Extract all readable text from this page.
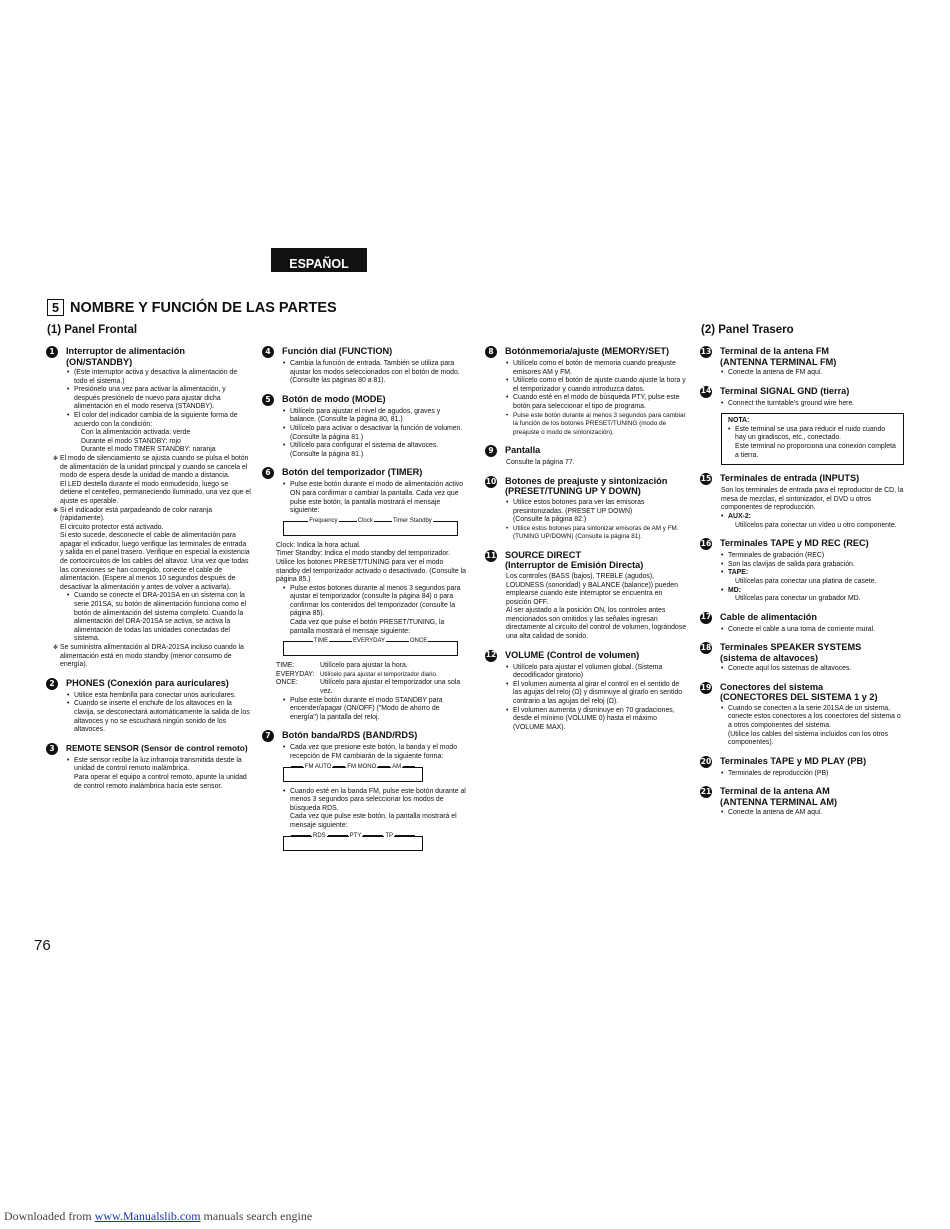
ESPAÑOL
5 NOMBRE Y FUNCIÓN DE LAS PARTES
(1) Panel Frontal	(2) Panel Trasero
1	Interruptor de alimentación
(ON/STANDBY)
• (Este interruptor activa y desactiva la alimentación de todo el sistema.)
• Presiónelo una vez para activar la alimentación, y después presiónelo de nuevo para ajustar dicha alimentación en el modo reserva (STANDBY).
• El color del indicador cambia de la siguiente forma de acuerdo con la condición:
Con la alimentación activada: verde
Durante el modo STANDBY: rojo
Durante el modo TIMER STANDBY: naranja
✻ El modo de silenciamiento se ajusta cuando se pulsa el botón de alimentación de la unidad principal y cuando se cancela el modo de espera desde la unidad de mando a distancia.
El LED destella durante el modo enmudecido, luego se detiene el centelleo, permaneciendo iluminado, una vez que el ajuste es operable.
✻ Si el indicador está parpadeando de color naranja (rápidamente).
El circuito protector está activado.
Si esto sucede, desconecte el cable de alimentación para apagar el indicador, luego verifique las terminales de entrada y salida en el panel trasero. Verifique en especial la existencia de cortocircuitos de los cables del altavoz. Una vez que todas las conexiones se han corregido, conecte el cable de alimentación. (Espere al menos 10 segundos después de desactivar la alimentación y antes de volver a activarla).
• Cuando se conecte el DRA-201SA en un sistema con la serie 201SA, su botón de alimentación funciona como el botón de alimentación del sistema completo. Cuando la alimentación del DRA-201SA se activa, se activa la alimentación de todas las unidades conectadas del sistema.
✻ Se suministra alimentación al DRA-201SA incluso cuando la alimentación está en modo standby (menor consumo de energía).
2	PHONES (Conexión para auriculares)
• Utilice esta hembrilla para conectar unos auriculares.
• Cuando se inserte el enchufe de los altavoces en la clavija, se desconectará automáticamente la salida de los altavoces y no se escuchará ningún sonido de los altavoces.
3	REMOTE SENSOR (Sensor de control remoto)
• Este sensor recibe la luz infrarroja transmitida desde la unidad de control remoto inalámbrica.
Para operar el equipo a control remoto, apunte la unidad de control remoto inalámbrica hacia este sensor.
4	Función dial (FUNCTION)
• Cambia la función de entrada. También se utiliza para ajustar los modos seleccionados con el botón de modo. (Consulte las páginas 80 a 81).
5	Botón de modo (MODE)
• Utilícelo para ajustar el nivel de agudos, graves y balance. (Consulte la página 80, 81.)
• Utilícelo para activar o desactivar la función de volumen. (Consulte la página 81.)
• Utilícelo para configurar el sistema de altavoces. (Consulte la página 81.)
6	Botón del temporizador (TIMER)
• Pulse este botón durante el modo de alimentación activo ON para confirmar o cambiar la pantalla. Cada vez que pulse este botón, la pantalla mostrará el mensaje siguiente:
Frequency	Clock	Timer Standby
Clock: Indica la hora actual.
Timer Standby: Indica el modo standby del temporizador.
Utilice los botones PRESET/TUNING para ver el modo standby del temporizador activado o desactivado. (Consulte la página 85.)
• Pulse estos botones durante al menos 3 segundos para ajustar el temporizador (consulte la página 84) o para confirmar los contenidos del temporizador (consulte la página 85).
Cada vez que pulse el botón PRESET/TUNING, la pantalla mostrará el mensaje siguiente:
TIME	EVERYDAY	ONCE
TIME:	Utilícelo para ajustar la hora.
EVERYDAY: Utilícelo para ajustar el temporizador diario.
ONCE:	Utilícelo para ajustar el temporizador una sola vez.
• Pulse este botón durante el modo STANDBY para encender/apagar (ON/OFF) ("Modo de ahorro de energía") la pantalla del reloj.
7	Botón banda/RDS (BAND/RDS)
• Cada vez que presione este botón, la banda y el modo recepción de FM cambiarán de la siguiente forma:
FM AUTO	FM MONO	AM
• Cuando esté en la banda FM, pulse este botón durante al menos 3 segundos para seleccionar los modos de búsqueda RDS.
Cada vez que pulse este botón, la pantalla mostrará el mensaje siguiente:
RDS	PTY	TP
8	Botónmemoria/ajuste (MEMORY/SET)
• Utilícelo como el botón de memoria cuando preajuste emisores AM y FM.
• Utilícelo como el botón de ajuste cuando ajuste la hora y el temporizador y cuando introduzca datos.
• Cuando esté en el modo de búsqueda PTY, pulse este botón para seleccionar el tipo de programa.
• Pulse este botón durante al menos 3 segundos para cambiar la función de los botones PRESET/TUNING (modo de preajuste o modo de sintonización).
9	Pantalla
Consulte la página 77.
10 Botones de preajuste y sintonización
(PRESET/TUNING UP Y DOWN)
• Utilice estos botones para ver las emisoras presintonizadas. (PRESET UP DOWN)
(Consulte la página 82.)
• Utilice estos botones para sintonizar emisoras de AM y FM.
(TUNING UP/DOWN) (Consulte la página 81).
11 SOURCE DIRECT
(Interruptor de Emisión Directa)
Los controles (BASS (bajos), TREBLE (agudos), LOUDNESS (sonoridad) y BALANCE (balance)) pueden emplearse cuando este interruptor se encuentra en posición OFF.
Al ser ajustado a la posición ON, los controles antes mencionados son omitidos y las señales ingresan directamente al circuito del control de volumen, lográndose una alta calidad de sonido.
12 VOLUME (Control de volumen)
• Utilícelo para ajustar el volumen global. (Sistema decodificador giratorio)
• El volumen aumenta al girar el control en el sentido de las agujas del reloj (Ω) y disminuye al girarlo en sentido contrario a las agujas del reloj (Ω).
• El volumen aumenta y disminuye en 70 gradaciones, desde el mínimo (VOLUME 0) hasta el máximo (VOLUME MAX).
13 Terminal de la antena FM
(ANTENNA TERMINAL FM)
• Conecte la antena de FM aquí.
14 Terminal SIGNAL GND (tierra)
• Connect the turntable's ground wire here.
NOTA:
• Este terminal se usa para reducir el ruido cuando hay un giradiscos, etc., conectado.
Este terminal no proporciona una conexión completa a tierra.
15 Terminales de entrada (INPUTS)
Son los terminales de entrada para el reproductor de CD, la mesa de mezclas, el sintonizador, el DVD u otros componentes de reproducción.
• AUX-2:
Utilícelos para conectar un vídeo u otro componente.
16 Terminales TAPE y MD REC (REC)
• Terminales de grabación (REC)
• Son las clavijas de salida para grabación.
• TAPE:
Utilícelas para conectar una platina de casete.
• MD:
Utilícelas para conectar un grabador MD.
17 Cable de alimentación
• Conecte el cable a una toma de corriente mural.
18 Terminales SPEAKER SYSTEMS
(sistema de altavoces)
• Conecte aquí los sistemas de altavoces.
19 Conectores del sistema
(CONECTORES DEL SISTEMA 1 y 2)
• Cuando se conecten a la serie 201SA de un sistema, conecte estos conectores a los conectores del sistema o a otros componentes del sistema.
(Utilice los cables del sistema incluidos con los otros componentes).
20 Terminales TAPE y MD PLAY (PB)
• Terminales de reproducción (PB)
21 Terminal de la antena AM
(ANTENNA TERMINAL AM)
• Conecte la antena de AM aquí.
76
Downloaded from www.Manualslib.com manuals search engine
